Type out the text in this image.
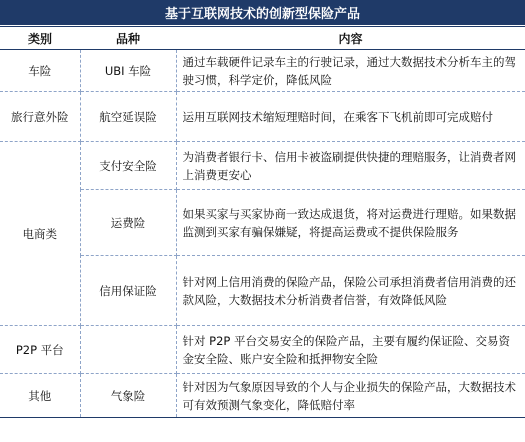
基于互联网技术的创新型保险产品
类别	品种	内容
车险	UBI 车险	通过车载硬件记录车主的行驶记录，通过大数据技术分析车主的驾驶习惯，科学定价，降低风险
旅行意外险	航空延误险	运用互联网技术缩短理赔时间，在乘客下飞机前即可完成赔付
电商类	支付安全险	为消费者银行卡、信用卡被盗刷提供快捷的理赔服务，让消费者网上消费更安心
	运费险	如果买家与买家协商一致达成退货，将对运费进行理赔。如果数据监测到买家有骗保嫌疑，将提高运费或不提供保险服务
	信用保证险	针对网上信用消费的保险产品，保险公司承担消费者信用消费的还款风险，大数据技术分析消费者信誉，有效降低风险
P2P 平台		针对 P2P 平台交易安全的保险产品，主要有履约保证险、交易资金安全险、账户安全险和抵押物安全险
其他	气象险	针对因为气象原因导致的个人与企业损失的保险产品，大数据技术可有效预测气象变化，降低赔付率
